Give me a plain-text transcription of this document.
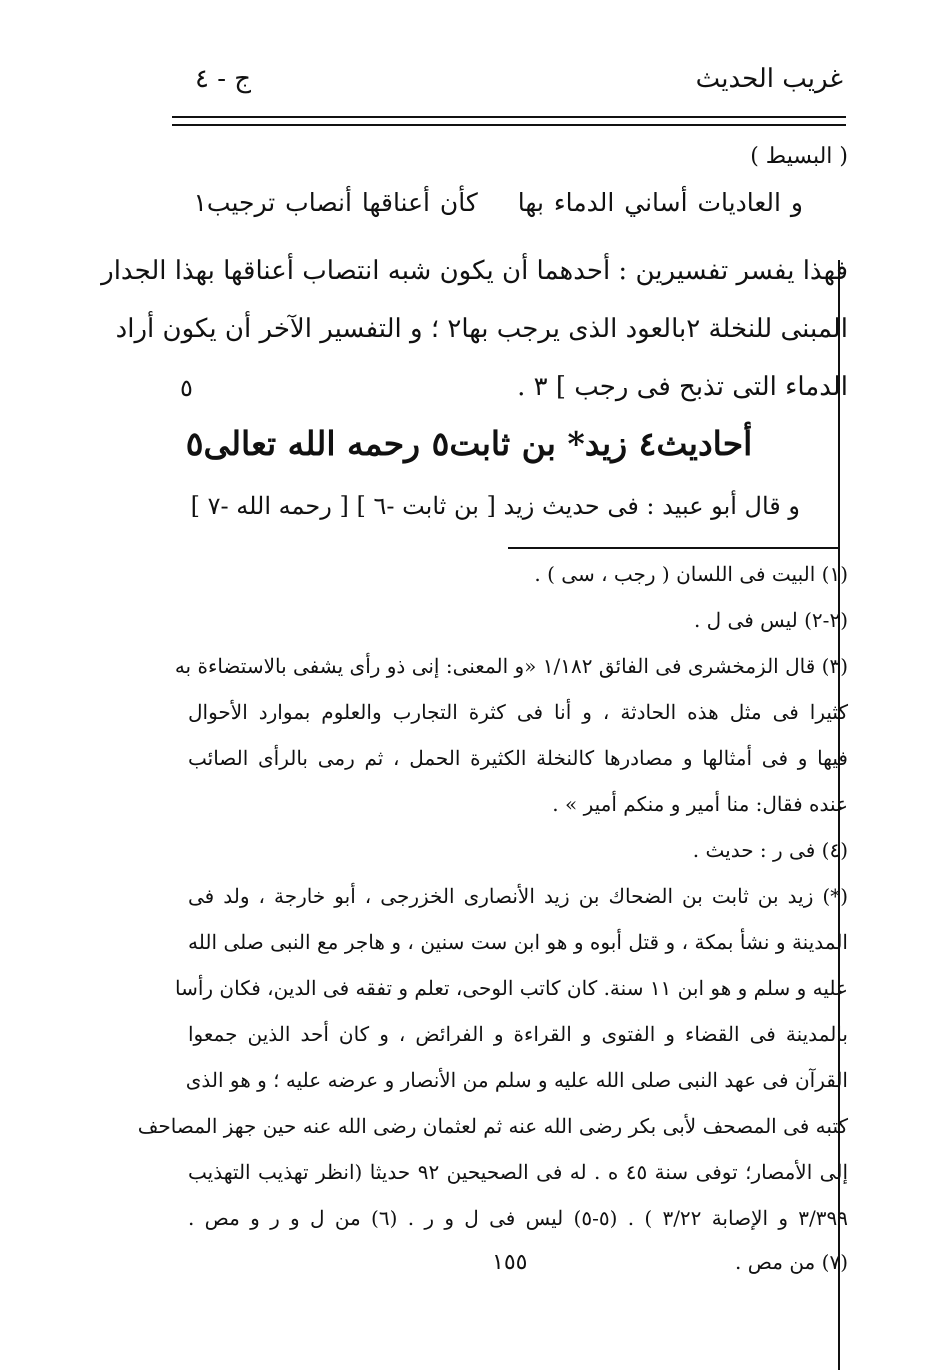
غريب الحديث
ج - ٤
( البسيط )
و العاديات أساني الدماء بهاكأن أعناقها أنصاب ترجيب١
فهذا يفسر تفسيرين : أحدهما أن يكون شبه انتصاب أعناقها بهذا الجدار
المبنى للنخلة ٢بالعود الذى يرجب بها٢ ؛ و التفسير الآخر أن يكون أراد
الدماء التى تذبح فى رجب ] ٣ .
٥
أحاديث٤ زيد* بن ثابت٥ رحمه الله تعالى٥
و قال أبو عبيد : فى حديث زيد [ بن ثابت -٦ ] [ رحمه الله -٧ ]
(١) البيت فى اللسان ( رجب ، سى ) .
(٢-٢) ليس فى ل .
(٣) قال الزمخشرى فى الفائق ١/١٨٢ «و المعنى: إنى ذو رأى يشفى بالاستضاءة به
كثيرا فى مثل هذه الحادثة ، و أنا فى كثرة التجارب والعلوم بموارد الأحوال
فيها و فى أمثالها و مصادرها كالنخلة الكثيرة الحمل ، ثم رمى بالرأى الصائب
عنده فقال: منا أمير و منكم أمير » .
(٤) فى ر : حديث .
(*) زيد بن ثابت بن الضحاك بن زيد الأنصارى الخزرجى ، أبو خارجة ، ولد فى
المدينة و نشأ بمكة ، و قتل أبوه و هو ابن ست سنين ، و هاجر مع النبى صلى الله
عليه و سلم و هو ابن ١١ سنة. كان كاتب الوحى، تعلم و تفقه فى الدين، فكان رأسا
بالمدينة فى القضاء و الفتوى و القراءة و الفرائض ، و كان أحد الذين جمعوا
القرآن فى عهد النبى صلى الله عليه و سلم من الأنصار و عرضه عليه ؛ و هو الذى
كتبه فى المصحف لأبى بكر رضى الله عنه ثم لعثمان رضى الله عنه حين جهز المصاحف
إلى الأمصار؛ توفى سنة ٤٥ ه . له فى الصحيحين ٩٢ حديثا (انظر تهذيب التهذيب
٣/٣٩٩ و الإصابة ٣/٢٢ ) . (٥-٥) ليس فى ل و ر . (٦) من ل و ر و مص .
(٧) من مص .
١٥٥
